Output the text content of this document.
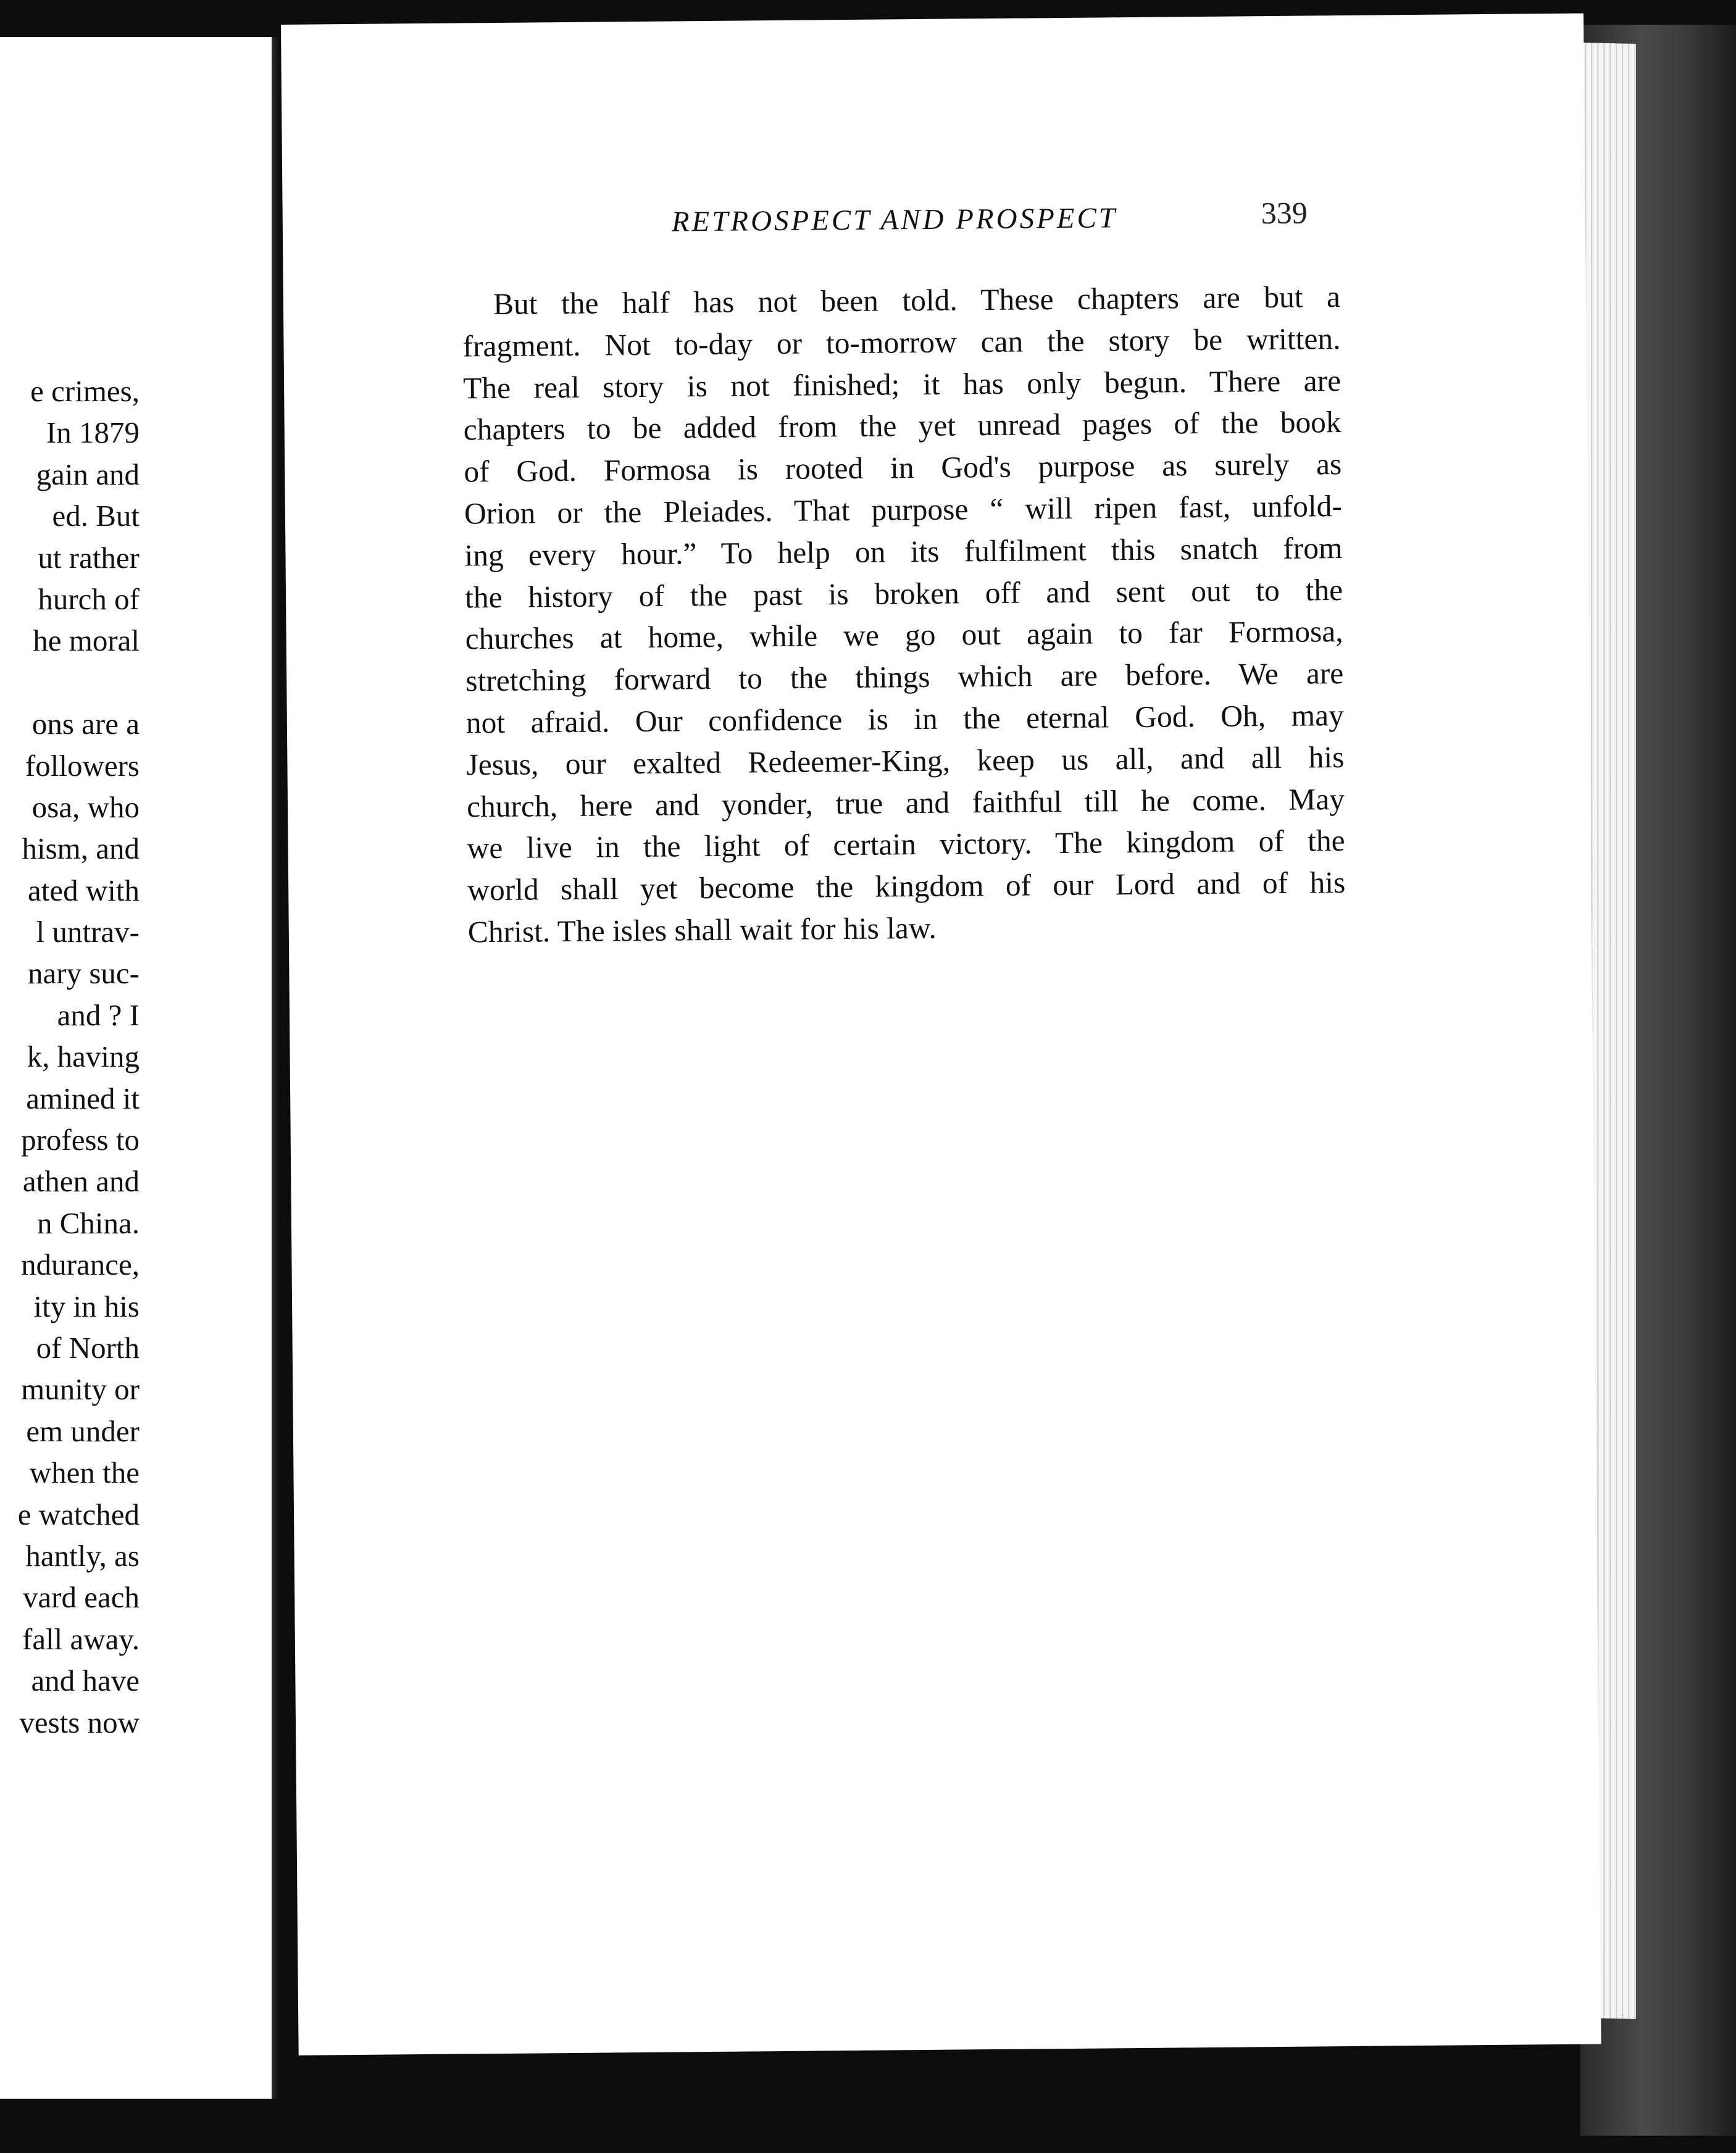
e crimes,
In 1879
gain and
ed. But
ut rather
hurch of
he moral
ons are a
followers
osa, who
hism, and
ated with
l untrav-
nary suc-
and ? I
k, having
amined it
profess to
athen and
n China.
ndurance,
ity in his
of North
munity or
em under
when the
e watched
hantly, as
vard each
fall away.
and have
vests now
RETROSPECT AND PROSPECT	339
But the half has not been told. These chapters are but a
fragment. Not to-day or to-morrow can the story be written.
The real story is not finished; it has only begun. There are
chapters to be added from the yet unread pages of the book
of God. Formosa is rooted in God's purpose as surely as
Orion or the Pleiades. That purpose “ will ripen fast, unfold-
ing every hour.” To help on its fulfilment this snatch from
the history of the past is broken off and sent out to the
churches at home, while we go out again to far Formosa,
stretching forward to the things which are before. We are
not afraid. Our confidence is in the eternal God. Oh, may
Jesus, our exalted Redeemer-King, keep us all, and all his
church, here and yonder, true and faithful till he come. May
we live in the light of certain victory. The kingdom of the
world shall yet become the kingdom of our Lord and of his
Christ. The isles shall wait for his law.
